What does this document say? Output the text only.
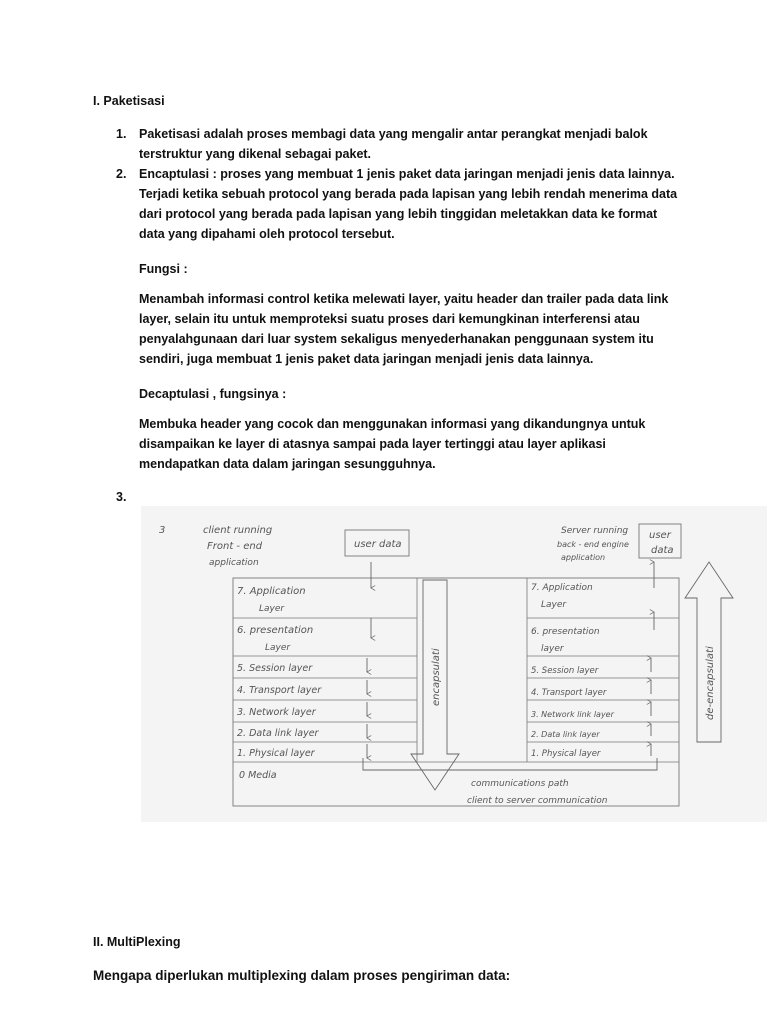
I. Paketisasi
1. Paketisasi adalah proses membagi data yang mengalir antar perangkat menjadi balok terstruktur yang dikenal sebagai paket.
2. Encaptulasi : proses yang membuat 1 jenis paket data jaringan menjadi jenis data lainnya. Terjadi ketika sebuah protocol yang berada pada lapisan yang lebih rendah menerima data dari protocol yang berada pada lapisan yang lebih tinggidan meletakkan data ke format data yang dipahami oleh protocol tersebut.
Fungsi :
Menambah informasi control ketika melewati layer, yaitu header dan trailer pada data link layer, selain itu untuk memproteksi suatu proses dari kemungkinan interferensi atau penyalahgunaan dari luar system sekaligus menyederhanakan penggunaan system itu sendiri, juga membuat 1 jenis paket data jaringan menjadi jenis data lainnya.
Decaptulasi , fungsinya :
Membuka header yang cocok dan menggunakan informasi yang dikandungnya untuk disampaikan ke layer di atasnya sampai pada layer tertinggi atau layer aplikasi mendapatkan data dalam jaringan sesungguhnya.
3.
3	client running
Front - end
application
user data
Server running
back - end engine
application
user
data
7. Application
Layer
6. presentation
Layer
5. Session layer
4. Transport layer
3. Network layer
2. Data link layer
1. Physical layer
7. Application
Layer
6. presentation
layer
5. Session layer
4. Transport layer
3. Network link layer
2. Data link layer
1. Physical layer
0 Media
encapsulati	de-encapsulati
communications path
client to server communication
II. MultiPlexing
Mengapa diperlukan multiplexing dalam proses pengiriman data:
